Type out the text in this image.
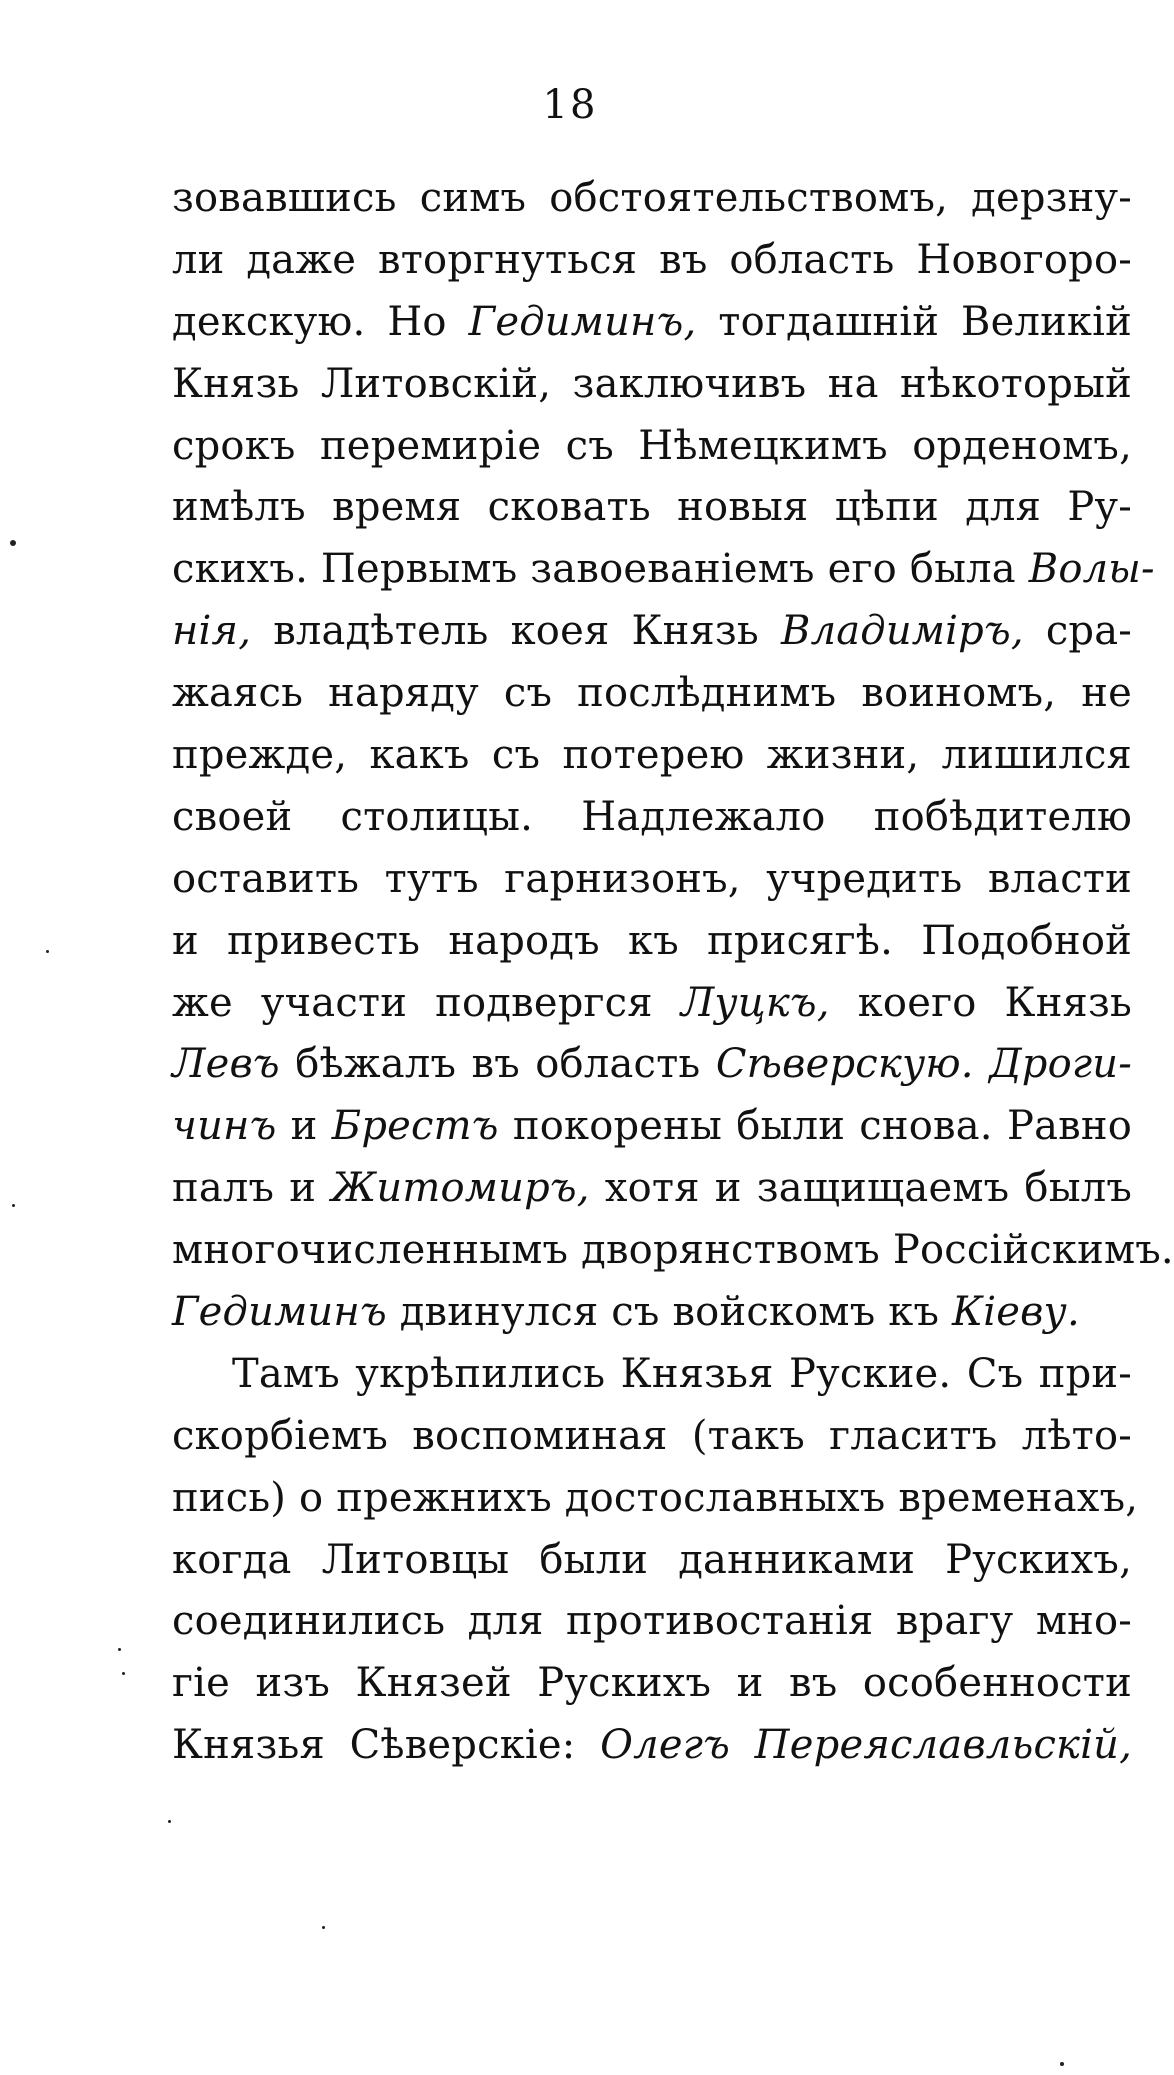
18
зовавшись симъ обстоятельствомъ, дерзну-
ли даже вторгнуться въ область Новогоро-
декскую. Но Гедиминъ, тогдашній Великій
Князь Литовскій, заключивъ на нѣкоторый
срокъ перемиріе съ Нѣмецкимъ орденомъ,
имѣлъ время сковать новыя цѣпи для Ру-
скихъ. Первымъ завоеваніемъ его была Волы-
нія, владѣтель коея Князь Владиміръ, сра-
жаясь наряду съ послѣднимъ воиномъ, не
прежде, какъ съ потерею жизни, лишился
своей столицы. Надлежало побѣдителю
оставить тутъ гарнизонъ, учредить власти
и привесть народъ къ присягѣ. Подобной
же участи подвергся Луцкъ, коего Князь
Левъ бѣжалъ въ область Сѣверскую. Дроги-
чинъ и Брестъ покорены были снова. Равно
палъ и Житомиръ, хотя и защищаемъ былъ
многочисленнымъ дворянствомъ Россійскимъ.
Гедиминъ двинулся съ войскомъ къ Кіеву.
Тамъ укрѣпились Князья Руские. Съ при-
скорбіемъ воспоминая (такъ гласитъ лѣто-
пись) о прежнихъ достославныхъ временахъ,
когда Литовцы были данниками Рускихъ,
соединились для противостанія врагу мно-
гіе изъ Князей Рускихъ и въ особенности
Князья Сѣверскіе: Олегъ Переяславльскій,
